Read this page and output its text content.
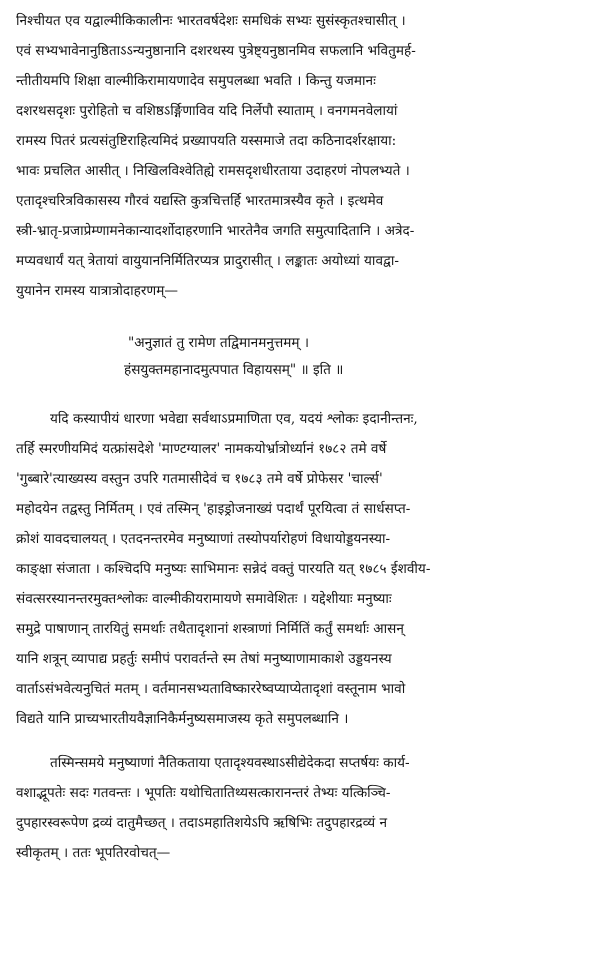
निश्चीयत एव यद्वाल्मीकिकालीनः भारतवर्षदेशः समधिकं सभ्यः सुसंस्कृतश्चासीत् ।
एवं सभ्यभावेनानुष्ठिताऽऽन्यनुष्ठानानि दशरथस्य पुत्रेष्ट्यनुष्ठानमिव सफलानि भवितुमर्ह-
न्तीतीयमपि शिक्षा वाल्मीकिरामायणादेव समुपलब्धा भवति । किन्तु यजमानः
दशरथसदृशः पुरोहितो च वशिष्ठऽर्ङ्गिणाविव यदि निर्लेपौ स्याताम् । वनगमनवेलायां
रामस्य पितरं प्रत्यसंतुष्टिराहित्यमिदं प्रख्यापयति यस्समाजे तदा कठिनादर्शरक्षाया:
भावः प्रचलित आसीत् । निखिलविश्वेतिह्ये रामसदृशधीरताया उदाहरणं नोपलभ्यते ।
एतादृश्चरित्रविकासस्य गौरवं यद्यस्ति कुत्रचित्तर्हि भारतमात्रस्यैव कृते । इत्थमेव
स्त्री-भ्रातृ-प्रजाप्रेम्णामनेकान्यादर्शोदाहरणानि भारतेनैव जगति समुत्पादितानि । अत्रेद-
मप्यवधार्यं यत् त्रेतायां वायुयाननिर्मितिरप्यत्र प्रादुरासीत् । लङ्कातः अयोध्यां यावद्वा-
युयानेन रामस्य यात्रात्रोदाहरणम्—
"अनुज्ञातं तु रामेण तद्विमानमनुत्तमम् ।
हंसयुक्तमहानादमुत्पपात विहायसम्" ॥ इति ॥
यदि कस्यापीयं धारणा भवेद्या सर्वथाऽप्रमाणिता एव, यदयं श्लोकः इदानीन्तनः,
तर्हि स्मरणीयमिदं यत्फ्रांसदेशे 'माण्टग्यालर' नामकयोर्भ्रात्रोर्ध्यानं १७८२ तमे वर्षे
'गुब्बारे'त्याख्यस्य वस्तुन उपरि गतमासीदेवं च १७८३ तमे वर्षे प्रोफेसर 'चार्ल्स'
महोदयेन तद्वस्तु निर्मितम् । एवं तस्मिन् 'हाइड्रोजनाख्यं पदार्थं पूरयित्वा तं सार्धसप्त-
क्रोशं यावदचालयत् । एतदनन्तरमेव मनुष्याणां तस्योपर्यारोहणं विधायोड्डयनस्या-
काङ्क्षा संजाता । कश्चिदपि मनुष्यः साभिमानः सन्नेदं वक्तुं पारयति यत् १७८५ ईशवीय-
संवत्सरस्यानन्तरमुक्तश्लोकः वाल्मीकीयरामायणे समावेशितः । यद्देशीयाः मनुष्याः
समुद्रे पाषाणान् तारयितुं समर्थाः तथैतादृशानां शस्त्राणां निर्मितिं कर्तुं समर्थाः आसन्
यानि शत्रून् व्यापाद्य प्रहर्तुः समीपं परावर्तन्ते स्म तेषां मनुष्याणामाकाशे उड्डयनस्य
वार्ताऽसंभवेत्यनुचितं मतम् । वर्तमानसभ्यताविष्काररेष्वप्याप्येतादृशां वस्तूनाम भावो
विद्यते यानि प्राच्यभारतीयवैज्ञानिकैर्मनुष्यसमाजस्य कृते समुपलब्धानि ।
तस्मिन्समये मनुष्याणां नैतिकताया एतादृश्यवस्थाऽसीद्येदेकदा सप्तर्षयः कार्य-
वशाद्भूपतेः सदः गतवन्तः । भूपतिः यथोचितातिथ्यसत्कारानन्तरं तेभ्यः यत्किञ्चि-
दुपहारस्वरूपेण द्रव्यं दातुमैच्छत् । तदाऽमहातिशयेऽपि ऋषिभिः तदुपहारद्रव्यं न
स्वीकृतम् । ततः भूपतिरवोचत्—
